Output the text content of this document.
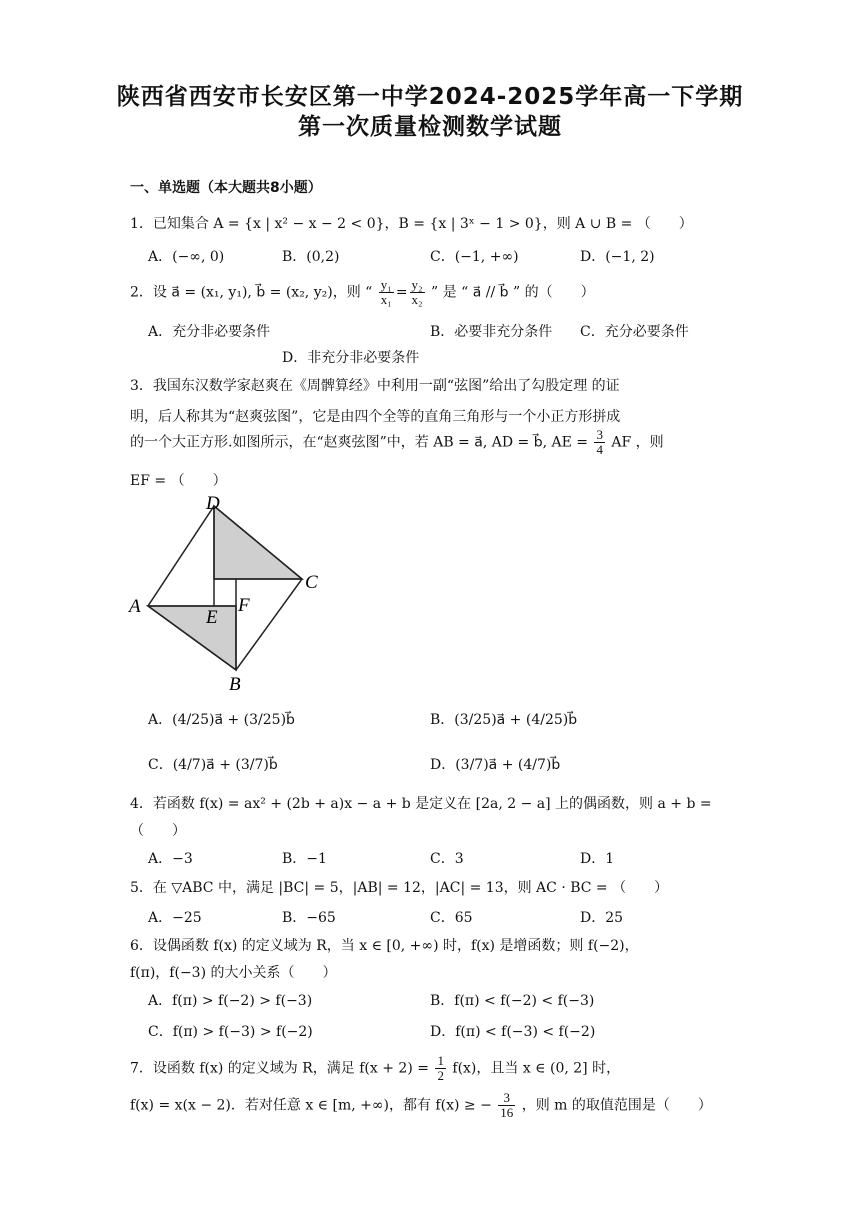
陕西省西安市长安区第一中学2024-2025学年高一下学期
第一次质量检测数学试题
一、单选题（本大题共8小题）
1．已知集合 A = {x | x² − x − 2 < 0}，B = {x | 3ˣ − 1 > 0}，则 A ∪ B = （　　）
A．(−∞, 0)	B．(0,2)	C．(−1, +∞)	D．(−1, 2)
2．设 a⃗ = (x₁, y₁), b⃗ = (x₂, y₂)，则 “ $\frac{\text{y₁}}{\text{x₁}} = \frac{\text{y₂}}{\text{x₂}}$ ” 是 “ a⃗ // b⃗ ” 的（　　）
A．充分非必要条件	B．必要非充分条件 C．充分必要条件
D．非充分非必要条件
3．我国东汉数学家赵爽在《周髀算经》中利用一副“弦图”给出了勾股定理 的证
明，后人称其为“赵爽弦图”，它是由四个全等的直角三角形与一个小正方形拼成
的一个大正方形.如图所示，在“赵爽弦图”中，若 AB = a⃗, AD = b⃗, AE = $\frac{3}{4}$ AF ，则
EF = （　　）
D
C
A	F
E
B
A．(4/25)a⃗ + (3/25)b⃗	B．(3/25)a⃗ + (4/25)b⃗
C．(4/7)a⃗ + (3/7)b⃗	D．(3/7)a⃗ + (4/7)b⃗
4．若函数 f(x) = ax² + (2b + a)x − a + b 是定义在 [2a, 2 − a] 上的偶函数，则 a + b =
（　　）
A．−3	B．−1	C．3	D．1
5．在 ▽ABC 中，满足 |BC| = 5，|AB| = 12，|AC| = 13，则 AC · BC = （　　）
A．−25	B．−65	C．65	D．25
6．设偶函数 f(x) 的定义域为 R，当 x ∈ [0, +∞) 时，f(x) 是增函数；则 f(−2)，
f(π)，f(−3) 的大小关系（　　）
A．f(π) > f(−2) > f(−3)	B．f(π) < f(−2) < f(−3)
C．f(π) > f(−3) > f(−2)	D．f(π) < f(−3) < f(−2)
7．设函数 f(x) 的定义域为 R，满足 $f(x + 2) = \frac{1}{2} f(x)$，且当 x ∈ (0, 2] 时，
f(x) = x(x − 2)．若对任意 x ∈ [m, +∞)，都有 f(x) ≥ − $\frac{3}{16}$ ，则 m 的取值范围是（　　）
